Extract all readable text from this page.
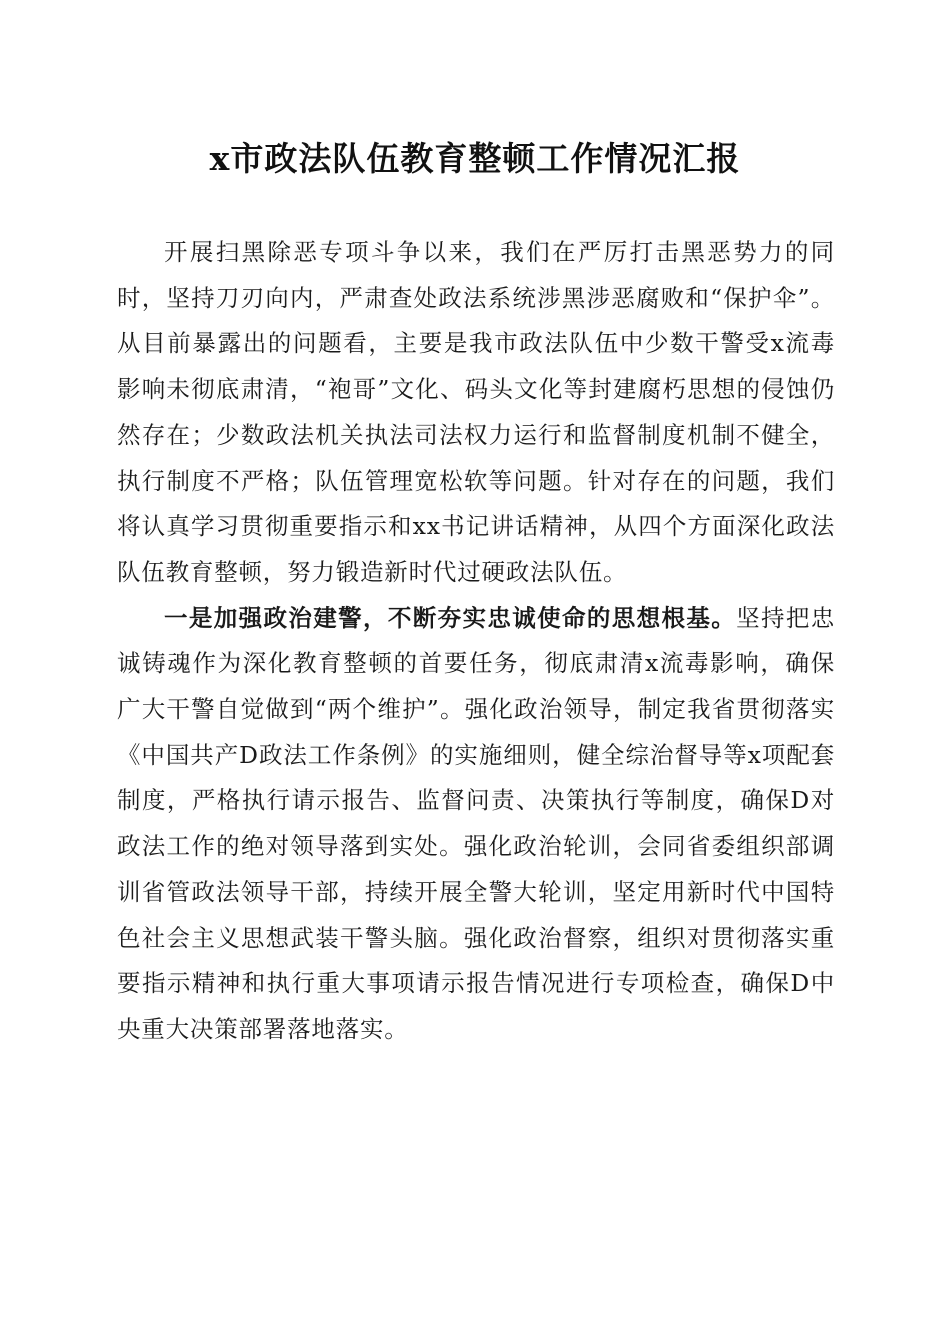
x市政法队伍教育整顿工作情况汇报

开展扫黑除恶专项斗争以来，我们在严厉打击黑恶势力的同时，坚持刀刃向内，严肃查处政法系统涉黑涉恶腐败和“保护伞”。从目前暴露出的问题看，主要是我市政法队伍中少数干警受x流毒影响未彻底肃清，“袍哥”文化、码头文化等封建腐朽思想的侵蚀仍然存在；少数政法机关执法司法权力运行和监督制度机制不健全，执行制度不严格；队伍管理宽松软等问题。针对存在的问题，我们将认真学习贯彻重要指示和xx书记讲话精神，从四个方面深化政法队伍教育整顿，努力锻造新时代过硬政法队伍。

一是加强政治建警，不断夯实忠诚使命的思想根基。坚持把忠诚铸魂作为深化教育整顿的首要任务，彻底肃清x流毒影响，确保广大干警自觉做到“两个维护”。强化政治领导，制定我省贯彻落实《中国共产D政法工作条例》的实施细则，健全综治督导等x项配套制度，严格执行请示报告、监督问责、决策执行等制度，确保D对政法工作的绝对领导落到实处。强化政治轮训，会同省委组织部调训省管政法领导干部，持续开展全警大轮训，坚定用新时代中国特色社会主义思想武装干警头脑。强化政治督察，组织对贯彻落实重要指示精神和执行重大事项请示报告情况进行专项检查，确保D中央重大决策部署落地落实。
